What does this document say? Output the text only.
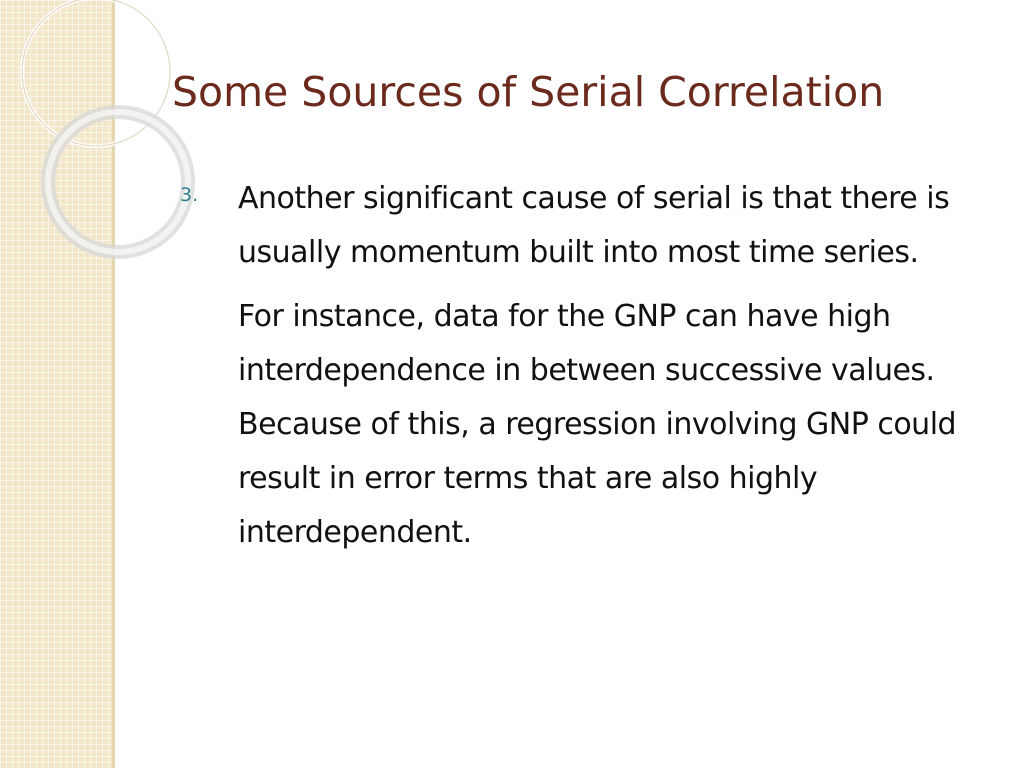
Some Sources of Serial Correlation
3.	Another significant cause of serial is that there is usually momentum built into most time series.

For instance, data for the GNP can have high interdependence in between successive values. Because of this, a regression involving GNP could result in error terms that are also highly interdependent.
